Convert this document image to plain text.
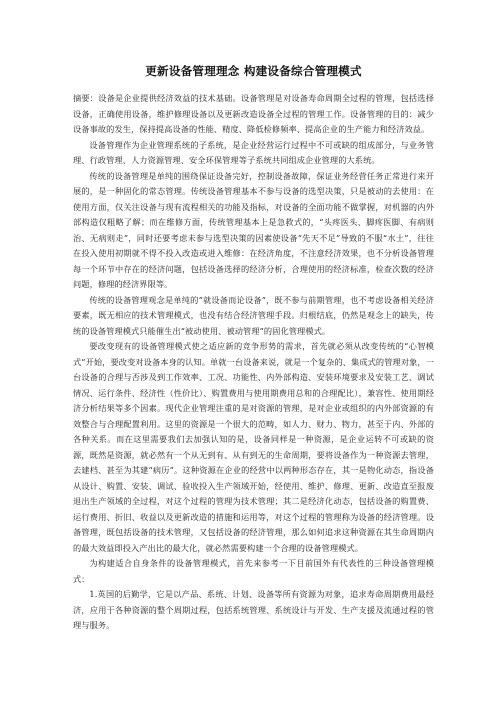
更新设备管理理念 构建设备综合管理模式

摘要：设备是企业提供经济效益的技术基础。设备管理是对设备寿命周期全过程的管理，包括选择设备，正确使用设备，维护修理设备以及更新改造设备全过程的管理工作。设备管理的目的：减少设备事故的发生，保持提高设备的性能、精度、降低检修频率、提高企业的生产能力和经济效益。

设备管理作为企业管理系统的子系统，是企业经营运行过程中不可或缺的组成部分，与业务管理、行政管理、人力资源管理、安全环保管理等子系统共同组成企业管理的大系统。

传统的设备管理是单纯的围绕保证设备完好，控制设备故障，保证业务经营任务正常进行来开展的，是一种固化的常态管理。传统设备管理基本不参与设备的选型决策，只是被动的去使用：在使用方面，仅关注设备与现有流程相关的功能及指标，对设备的全面功能不做掌握，对机器的内外部构造仅粗略了解；而在维修方面，传统管理基本上是急救式的，“头疼医头、脚疼医脚、有病则治、无病则走”，同时还要考虑未参与选型决策的因素使设备“先天不足”导致的不服“水土”，往往在投入使用初期就不得不投入改造或进入维修：在经济角度，不注意经济效果，也不分析设备管理每一个环节中存在的经济问题，包括设备选择的经济分析，合理使用的经济标准，检查次数的经济问题，修理的经济界限等。

传统的设备管理观念是单纯的“就设备而论设备”，既不参与前期管理，也不考虑设备相关经济要素，既无相应的技术管理模式，也没有结合经济管理手段。归根结底，仍然是观念上的缺失，传统的设备管理模式只能催生出“被动使用、被动管理”的固化管理模式。

要改变现有的设备管理模式使之适应新的竞争形势的需求，首先就必须从改变传统的“心智模式”开始，要改变对设备本身的认知。单就一台设备来说，就是一个复杂的、集成式的管理对象，一台设备的合理与否涉及到工作效率、工况、功能性、内外部构造、安装环境要求及安装工艺、调试情况、运行条件、经济性（性价比）、购置费用与使用期费用总和的合理配比），兼容性、使用期经济分析结果等多个因素。现代企业管理注重的是对资源的管理，是对企业或组织的内外部资源的有效整合与合理配置利用。这里的资源是一个很大的范畴，如人力、财力、物力，甚至于内、外部的各种关系。而在这里需要我们去加强认知的是，设备同样是一种资源，是企业运转不可或缺的资源，既然是资源，就必然有一个从无到有、从有到无的生命周期，要将设备作为一种资源去管理，去建档、甚至为其建“病历”。这种资源在企业的经营中以两种形态存在，其一是物化动态，指设备从设计、购置、安装、调试、验收投入生产领域开始，经使用、维护、修理、更新、改造直至报废退出生产领域的全过程，对这个过程的管理为技术管理；其二是经济化动态，包括设备的购置费、运行费用、折旧、收益以及更新改造的措施和运用等，对这个过程的管理称为设备的经济管理。设备管理，既包括设备的技术管理，又包括设备的经济管理，那么如何追求这种资源在其生命周期内的最大效益即投入产出比的最大化，就必然需要构建一个合理的设备管理模式。

为构建适合自身条件的设备管理模式，首先来参考一下目前国外有代表性的三种设备管理模式：

1.英国的后勤学，它是以产品、系统、计划、设备等所有资源为对象，追求寿命周期费用最经济，应用于各种资源的整个周期过程，包括系统管理、系统设计与开发、生产支援及流通过程的管理与服务。
